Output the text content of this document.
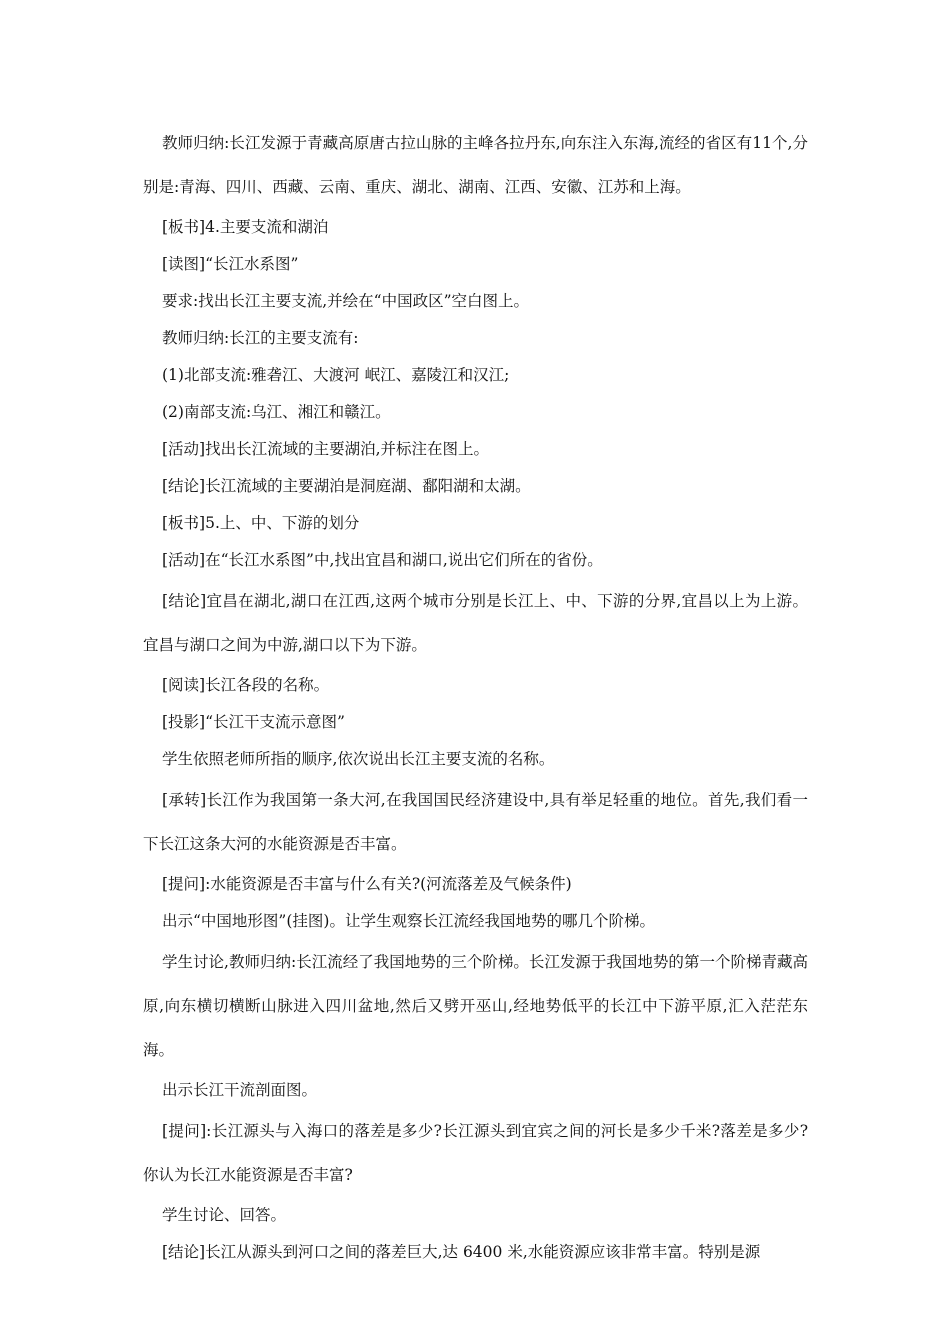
教师归纳:长江发源于青藏高原唐古拉山脉的主峰各拉丹东,向东注入东海,流经的省区有11个,分别是:青海、四川、西藏、云南、重庆、湖北、湖南、江西、安徽、江苏和上海。

[板书]4.主要支流和湖泊

[读图]“长江水系图”

要求:找出长江主要支流,并绘在“中国政区”空白图上。

教师归纳:长江的主要支流有:

(1)北部支流:雅砻江、大渡河 岷江、嘉陵江和汉江;

(2)南部支流:乌江、湘江和赣江。

[活动]找出长江流域的主要湖泊,并标注在图上。

[结论]长江流域的主要湖泊是洞庭湖、鄱阳湖和太湖。

[板书]5.上、中、下游的划分

[活动]在“长江水系图”中,找出宜昌和湖口,说出它们所在的省份。

[结论]宜昌在湖北,湖口在江西,这两个城市分别是长江上、中、下游的分界,宜昌以上为上游。宜昌与湖口之间为中游,湖口以下为下游。

[阅读]长江各段的名称。

[投影]“长江干支流示意图”

学生依照老师所指的顺序,依次说出长江主要支流的名称。

[承转]长江作为我国第一条大河,在我国国民经济建设中,具有举足轻重的地位。首先,我们看一下长江这条大河的水能资源是否丰富。

[提问]:水能资源是否丰富与什么有关?(河流落差及气候条件)

出示“中国地形图”(挂图)。让学生观察长江流经我国地势的哪几个阶梯。

学生讨论,教师归纳:长江流经了我国地势的三个阶梯。长江发源于我国地势的第一个阶梯青藏高原,向东横切横断山脉进入四川盆地,然后又劈开巫山,经地势低平的长江中下游平原,汇入茫茫东海。

出示长江干流剖面图。

[提问]:长江源头与入海口的落差是多少?长江源头到宜宾之间的河长是多少千米?落差是多少?你认为长江水能资源是否丰富?

学生讨论、回答。

[结论]长江从源头到河口之间的落差巨大,达 6400 米,水能资源应该非常丰富。特别是源
